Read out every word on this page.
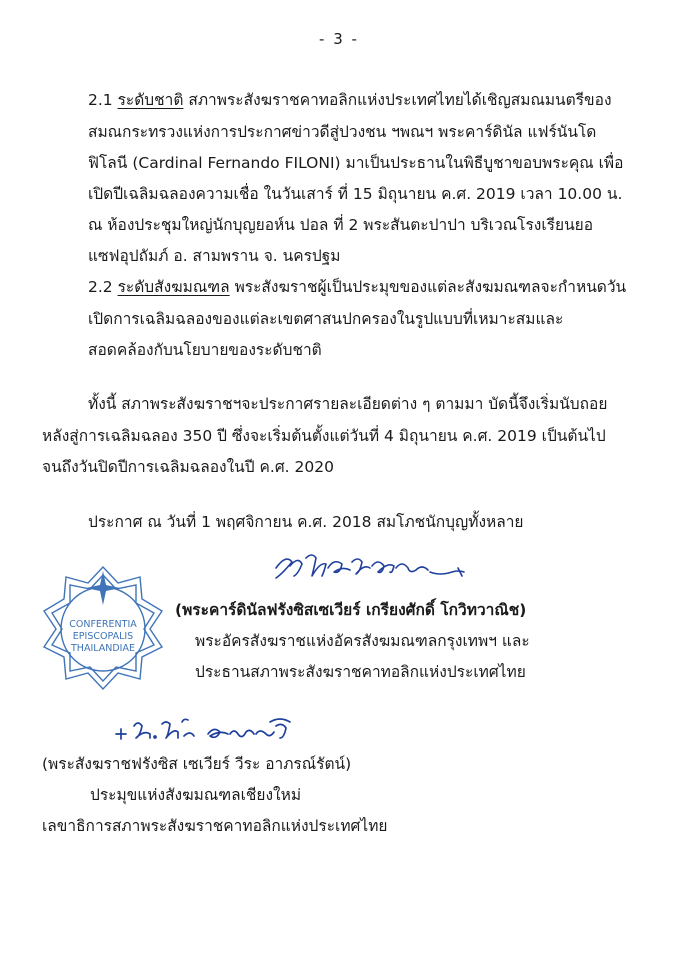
- 3 -
2.1 ระดับชาติ สภาพระสังฆราชคาทอลิกแห่งประเทศไทยได้เชิญสมณมนตรีของ
สมณกระทรวงแห่งการประกาศข่าวดีสู่ปวงชน ฯพณฯ พระคาร์ดินัล แฟร์นันโด
ฟิโลนี (Cardinal Fernando FILONI) มาเป็นประธานในพิธีบูชาขอบพระคุณ เพื่อ
เปิดปีเฉลิมฉลองความเชื่อ ในวันเสาร์ ที่ 15 มิถุนายน ค.ศ. 2019 เวลา 10.00 น.
ณ ห้องประชุมใหญ่นักบุญยอห์น ปอล ที่ 2 พระสันตะปาปา บริเวณโรงเรียนยอ
แซฟอุปถัมภ์ อ. สามพราน จ. นครปฐม
2.2 ระดับสังฆมณฑล พระสังฆราชผู้เป็นประมุขของแต่ละสังฆมณฑลจะกำหนดวัน
เปิดการเฉลิมฉลองของแต่ละเขตศาสนปกครองในรูปแบบที่เหมาะสมและ
สอดคล้องกับนโยบายของระดับชาติ
ทั้งนี้ สภาพระสังฆราชฯจะประกาศรายละเอียดต่าง ๆ ตามมา บัดนี้จึงเริ่มนับถอย
หลังสู่การเฉลิมฉลอง 350 ปี ซึ่งจะเริ่มต้นตั้งแต่วันที่ 4 มิถุนายน ค.ศ. 2019 เป็นต้นไป
จนถึงวันปิดปีการเฉลิมฉลองในปี ค.ศ. 2020
ประกาศ ณ วันที่ 1 พฤศจิกายน ค.ศ. 2018 สมโภชนักบุญทั้งหลาย
CONFERENTIA
EPISCOPALIS
THAILANDIAE
(พระคาร์ดินัลฟรังซิสเซเวียร์ เกรียงศักดิ์ โกวิทวาณิช)
พระอัครสังฆราชแห่งอัครสังฆมณฑลกรุงเทพฯ และ
ประธานสภาพระสังฆราชคาทอลิกแห่งประเทศไทย
(พระสังฆราชฟรังซิส เซเวียร์ วีระ อาภรณ์รัตน์)
ประมุขแห่งสังฆมณฑลเชียงใหม่
เลขาธิการสภาพระสังฆราชคาทอลิกแห่งประเทศไทย
